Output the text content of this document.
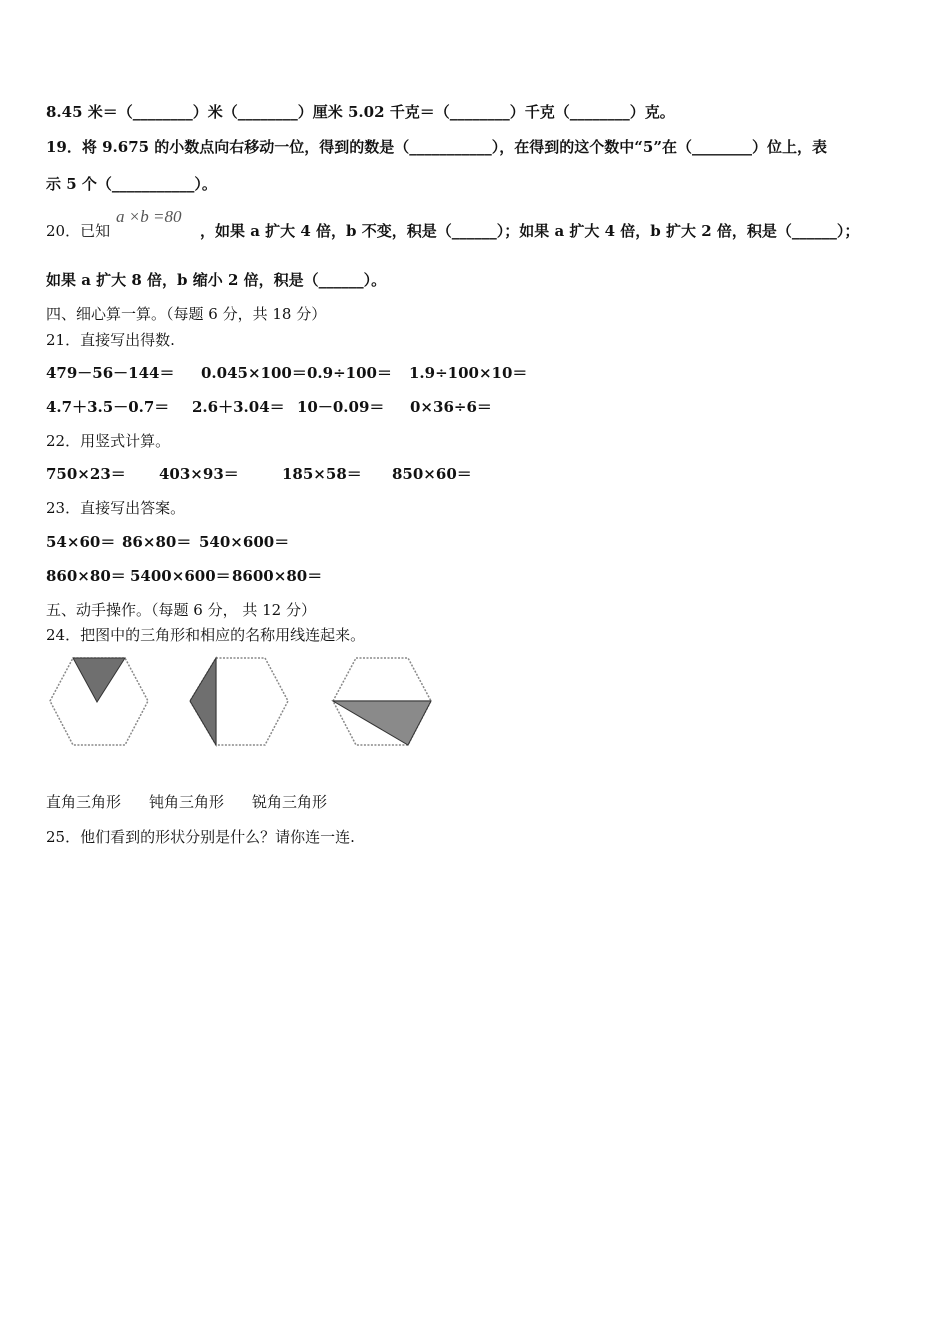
8.45 米＝（________）米（________）厘米 5.02 千克＝（________）千克（________）克。
19．将 9.675 的小数点向右移动一位，得到的数是（___________），在得到的这个数中“5”在（________）位上，表
示 5 个（___________）。
20．已知
a ×b =80
，如果 a 扩大 4 倍，b 不变，积是（______）；如果 a 扩大 4 倍，b 扩大 2 倍，积是（______）；
如果 a 扩大 8 倍，b 缩小 2 倍，积是（______）。
四、细心算一算。（每题 6 分，共 18 分）
21．直接写出得数.
479－56－144＝ 0.045×100＝0.9÷100＝ 1.9÷100×10＝
4.7＋3.5－0.7＝ 2.6＋3.04＝ 10－0.09＝ 0×36÷6＝
22．用竖式计算。
750×23＝ 403×93＝	185×58＝ 850×60＝
23．直接写出答案。
54×60＝ 86×80＝ 540×600＝
860×80＝ 5400×600＝8600×80＝
五、动手操作。（每题 6 分， 共 12 分）
24．把图中的三角形和相应的名称用线连起来。
直角三角形 钝角三角形 锐角三角形
25．他们看到的形状分别是什么？请你连一连.
